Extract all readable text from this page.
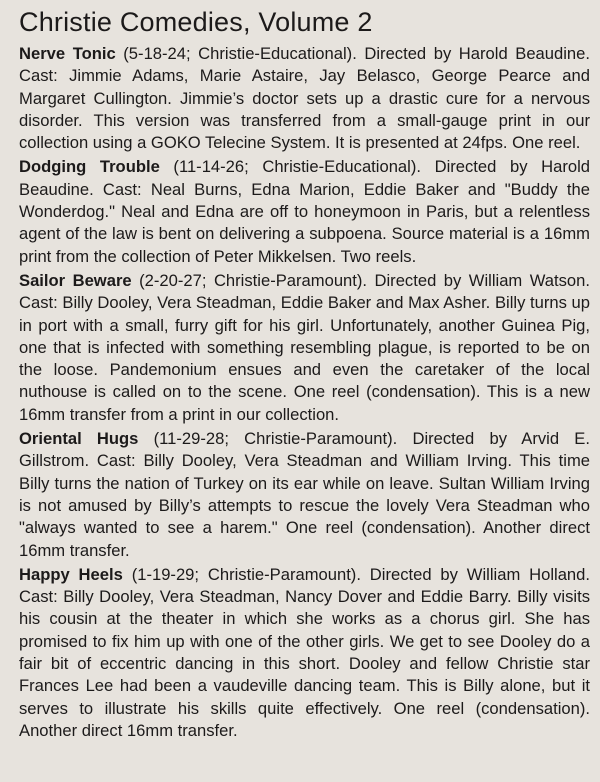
Christie Comedies, Volume 2

Nerve Tonic (5-18-24; Christie-Educational). Directed by Harold Beaudine. Cast: Jimmie Adams, Marie Astaire, Jay Belasco, George Pearce and Margaret Cullington. Jimmie’s doctor sets up a drastic cure for a nervous disorder. This version was transferred from a small-gauge print in our collection using a GOKO Telecine System. It is presented at 24fps. One reel.

Dodging Trouble (11-14-26; Christie-Educational). Directed by Harold Beaudine. Cast: Neal Burns, Edna Marion, Eddie Baker and "Buddy the Wonderdog." Neal and Edna are off to honeymoon in Paris, but a relentless agent of the law is bent on delivering a subpoena. Source material is a 16mm print from the collection of Peter Mikkelsen. Two reels.

Sailor Beware (2-20-27; Christie-Paramount). Directed by William Watson. Cast: Billy Dooley, Vera Steadman, Eddie Baker and Max Asher. Billy turns up in port with a small, furry gift for his girl. Unfortunately, another Guinea Pig, one that is infected with something resembling plague, is reported to be on the loose. Pandemonium ensues and even the caretaker of the local nuthouse is called on to the scene. One reel (condensation). This is a new 16mm transfer from a print in our collection.

Oriental Hugs (11-29-28; Christie-Paramount). Directed by Arvid E. Gillstrom. Cast: Billy Dooley, Vera Steadman and William Irving. This time Billy turns the nation of Turkey on its ear while on leave. Sultan William Irving is not amused by Billy’s attempts to rescue the lovely Vera Steadman who "always wanted to see a harem." One reel (condensation). Another direct 16mm transfer.

Happy Heels (1-19-29; Christie-Paramount). Directed by William Holland. Cast: Billy Dooley, Vera Steadman, Nancy Dover and Eddie Barry. Billy visits his cousin at the theater in which she works as a chorus girl. She has promised to fix him up with one of the other girls. We get to see Dooley do a fair bit of eccentric dancing in this short. Dooley and fellow Christie star Frances Lee had been a vaudeville dancing team. This is Billy alone, but it serves to illustrate his skills quite effectively. One reel (condensation). Another direct 16mm transfer.
